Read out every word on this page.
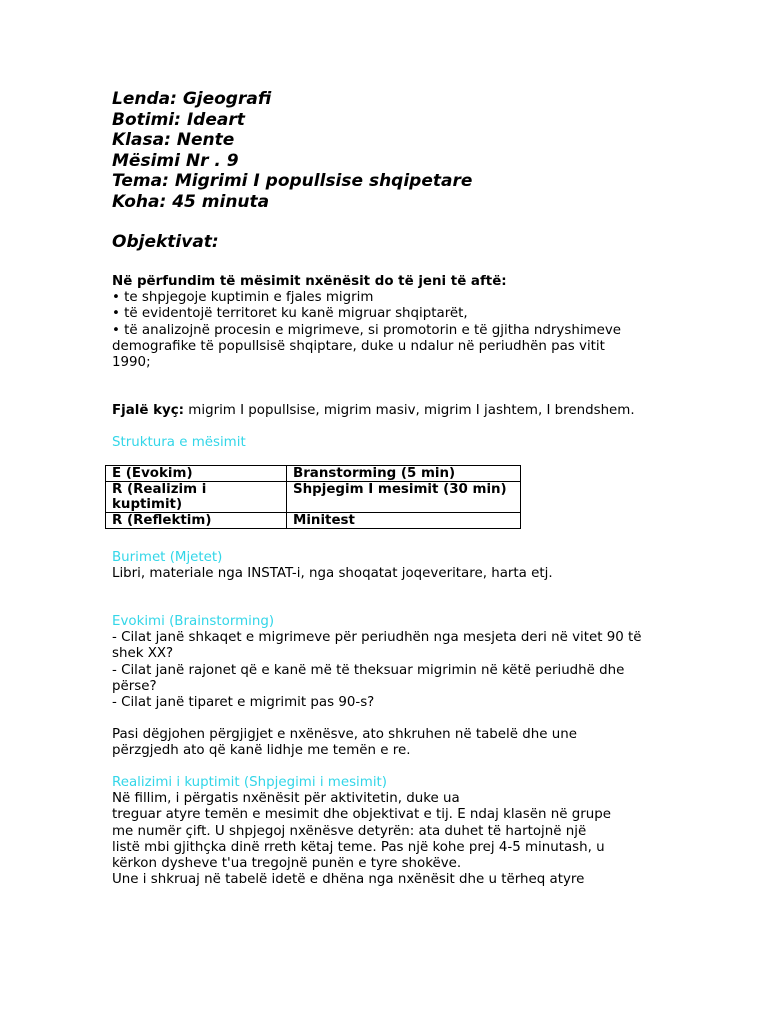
Lenda: Gjeografi
Botimi: Ideart
Klasa: Nente
Mësimi Nr . 9
Tema: Migrimi I popullsise shqipetare
Koha: 45 minuta
Objektivat:
Në përfundim të mësimit nxënësit do të jeni të aftë:
• te shpjegoje kuptimin e fjales migrim
• të evidentojë territoret ku kanë migruar shqiptarët,
• të analizojnë procesin e migrimeve, si promotorin e të gjitha ndryshimeve
demografike të popullsisë shqiptare, duke u ndalur në periudhën pas vitit
1990;
Fjalë kyç: migrim I popullsise, migrim masiv, migrim I jashtem, I brendshem.
Struktura e mësimit
E (Evokim)	Branstorming (5 min)
R (Realizim i kuptimit)	Shpjegim I mesimit (30 min)
R (Reflektim)	Minitest
Burimet (Mjetet)
Libri, materiale nga INSTAT-i, nga shoqatat joqeveritare, harta etj.
Evokimi (Brainstorming)
- Cilat janë shkaqet e migrimeve për periudhën nga mesjeta deri në vitet 90 të
shek XX?
- Cilat janë rajonet që e kanë më të theksuar migrimin në këtë periudhë dhe
përse?
- Cilat janë tiparet e migrimit pas 90-s?
Pasi dëgjohen përgjigjet e nxënësve, ato shkruhen në tabelë dhe une
përzgjedh ato që kanë lidhje me temën e re.
Realizimi i kuptimit (Shpjegimi i mesimit)
Në fillim, i përgatis nxënësit për aktivitetin, duke ua
treguar atyre temën e mesimit dhe objektivat e tij. E ndaj klasën në grupe
me numër çift. U shpjegoj nxënësve detyrën: ata duhet të hartojnë një
listë mbi gjithçka dinë rreth këtaj teme. Pas një kohe prej 4-5 minutash, u
kërkon dysheve t'ua tregojnë punën e tyre shokëve.
Une i shkruaj në tabelë idetë e dhëna nga nxënësit dhe u tërheq atyre
